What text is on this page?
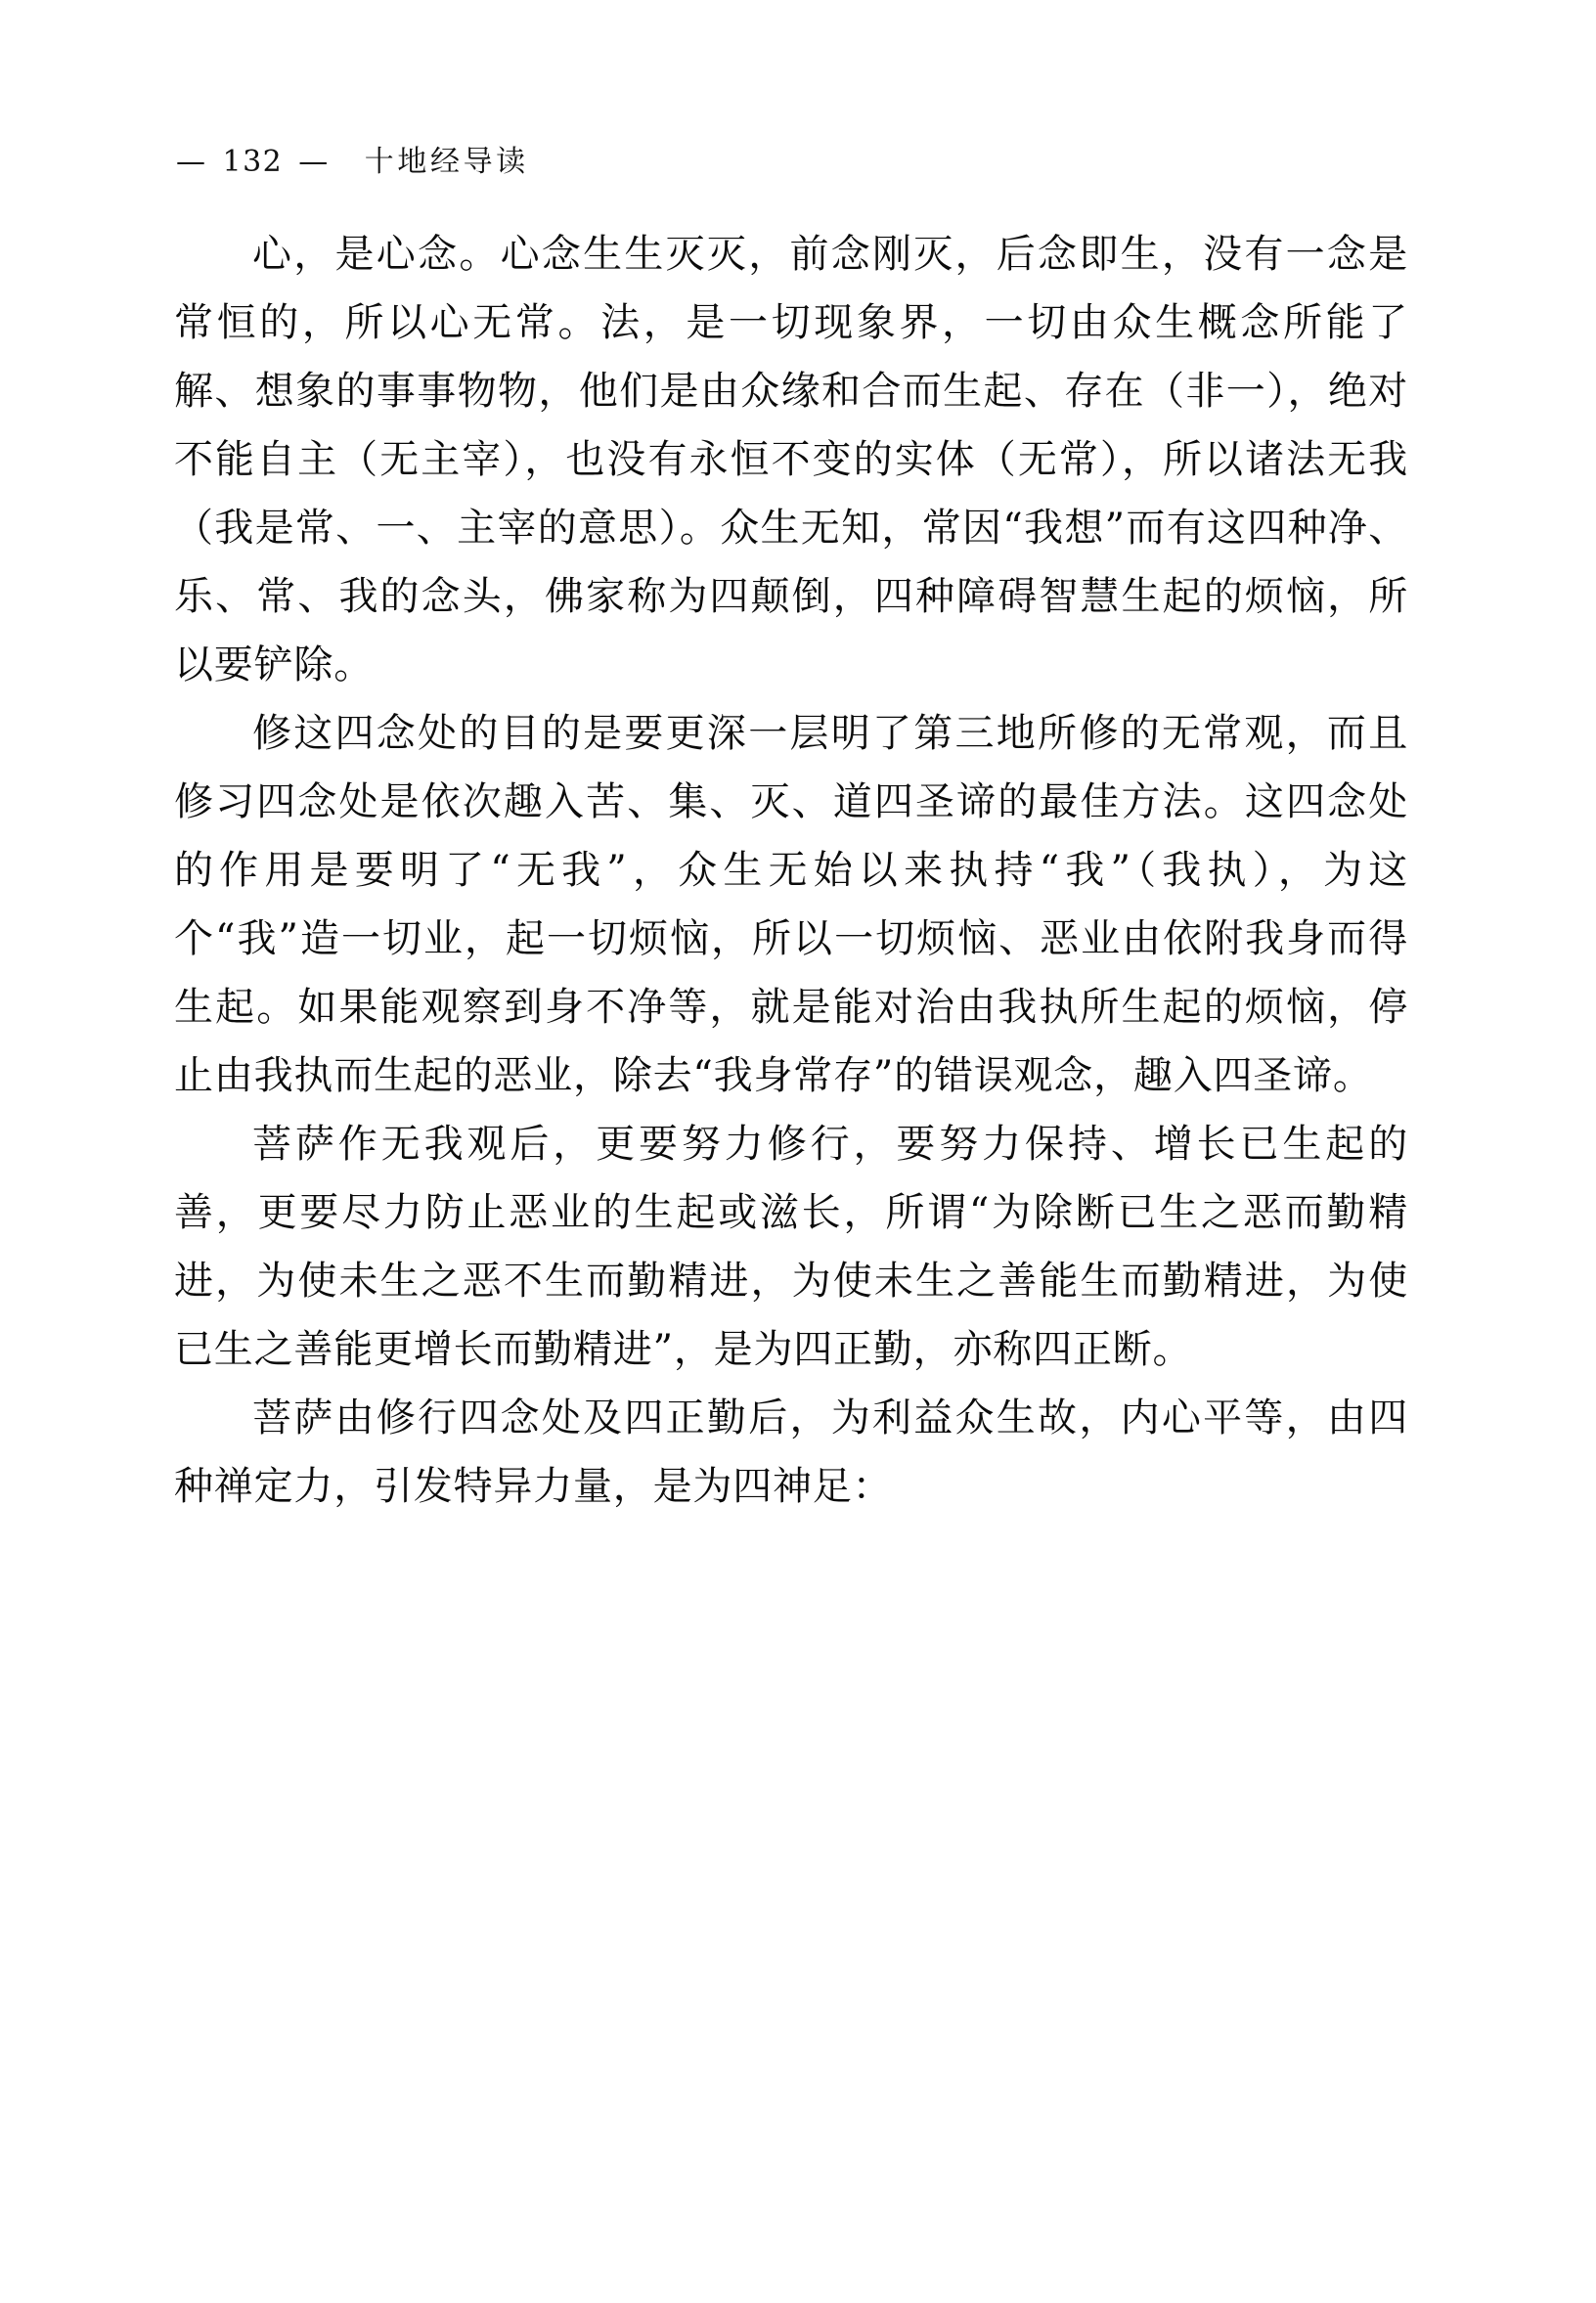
— 132 — 十地经导读

心，是心念。心念生生灭灭，前念刚灭，后念即生，没有一念是常恒的，所以心无常。法，是一切现象界，一切由众生概念所能了解、想象的事事物物，他们是由众缘和合而生起、存在（非一），绝对不能自主（无主宰），也没有永恒不变的实体（无常），所以诸法无我（我是常、一、主宰的意思）。众生无知，常因“我想”而有这四种净、乐、常、我的念头，佛家称为四颠倒，四种障碍智慧生起的烦恼，所以要铲除。

修这四念处的目的是要更深一层明了第三地所修的无常观，而且修习四念处是依次趣入苦、集、灭、道四圣谛的最佳方法。这四念处的作用是要明了“无我”，众生无始以来执持“我”（我执），为这个“我”造一切业，起一切烦恼，所以一切烦恼、恶业由依附我身而得生起。如果能观察到身不净等，就是能对治由我执所生起的烦恼，停止由我执而生起的恶业，除去“我身常存”的错误观念，趣入四圣谛。

菩萨作无我观后，更要努力修行，要努力保持、增长已生起的善，更要尽力防止恶业的生起或滋长，所谓“为除断已生之恶而勤精进，为使未生之恶不生而勤精进，为使未生之善能生而勤精进，为使已生之善能更增长而勤精进”，是为四正勤，亦称四正断。

菩萨由修行四念处及四正勤后，为利益众生故，内心平等，由四种禅定力，引发特异力量，是为四神足：
